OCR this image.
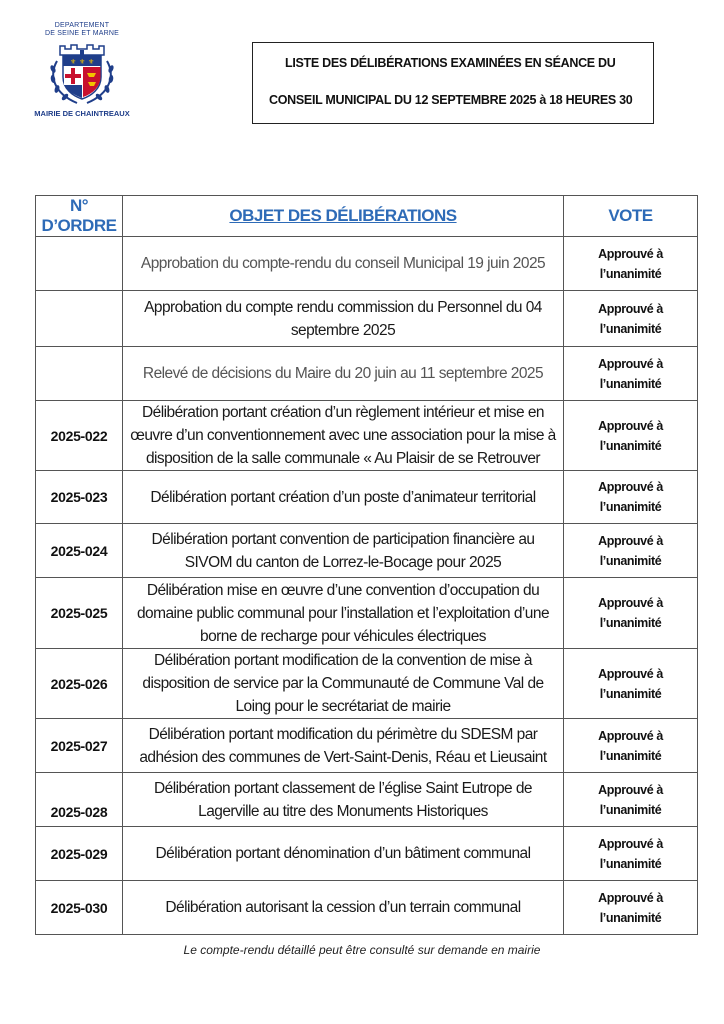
DEPARTEMENT
DE SEINE ET MARNE
⚜ ⚜ ⚜
MAIRIE DE CHAINTREAUX
LISTE DES DÉLIBÉRATIONS EXAMINÉES EN SÉANCE DU
CONSEIL MUNICIPAL DU 12 SEPTEMBRE 2025 à 18 HEURES 30
N° D’ORDRE	OBJET DES DÉLIBÉRATIONS	VOTE
	Approbation du compte-rendu du conseil Municipal 19 juin 2025	Approuvé à
l’unanimité

	Approbation du compte rendu commission du Personnel du 04 septembre 2025	Approuvé à
l’unanimité

	Relevé de décisions du Maire du 20 juin au 11 septembre 2025	Approuvé à
l’unanimité

2025-022	Délibération portant création d’un règlement intérieur et mise en œuvre d’un conventionnement avec une association pour la mise à disposition de la salle communale « Au Plaisir de se Retrouver	Approuvé à
l’unanimité

2025-023	Délibération portant création d’un poste d’animateur territorial	Approuvé à
l’unanimité

2025-024	Délibération portant convention de participation financière au SIVOM du canton de Lorrez-le-Bocage pour 2025	Approuvé à
l’unanimité

2025-025	Délibération mise en œuvre d’une convention d’occupation du domaine public communal pour l’installation et l’exploitation d’une borne de recharge pour véhicules électriques	Approuvé à
l’unanimité

2025-026	Délibération portant modification de la convention de mise à disposition de service par la Communauté de Commune Val de Loing pour le secrétariat de mairie	Approuvé à
l’unanimité

2025-027	Délibération portant modification du périmètre du SDESM par adhésion des communes de Vert-Saint-Denis, Réau et Lieusaint	Approuvé à
l’unanimité

2025-028	Délibération portant classement de l’église Saint Eutrope de Lagerville au titre des Monuments Historiques	Approuvé à
l’unanimité

2025-029	Délibération portant dénomination d’un bâtiment communal	Approuvé à
l’unanimité

2025-030	Délibération autorisant la cession d’un terrain communal	Approuvé à
l’unanimité
Le compte-rendu détaillé peut être consulté sur demande en mairie
